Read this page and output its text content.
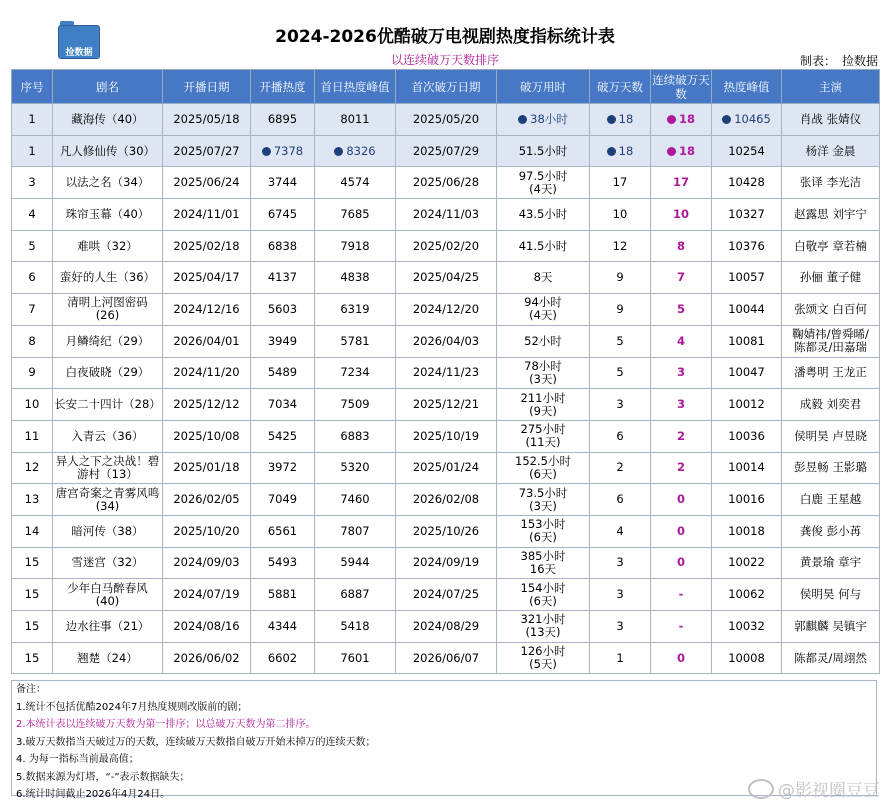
捡数据
2024-2026优酷破万电视剧热度指标统计表
以连续破万天数排序	制表： 捡数据
序号	剧名	开播日期	开播热度	首日热度峰值	首次破万日期	破万用时	破万天数	连续破万天数	热度峰值	主演
1	藏海传（40）	2025/05/18	6895	8011	2025/05/20	38小时	18	18	10465	肖战 张婧仪
1	凡人修仙传（30）	2025/07/27	7378	8326	2025/07/29	51.5小时	18	18	10254	杨洋 金晨
3	以法之名（34）	2025/06/24	3744	4574	2025/06/28	97.5小时
(4天)	17	17	10428	张译 李光洁
4	珠帘玉幕（40）	2024/11/01	6745	7685	2024/11/03	43.5小时	10	10	10327	赵露思 刘宇宁
5	难哄（32）	2025/02/18	6838	7918	2025/02/20	41.5小时	12	8	10376	白敬亭 章若楠
6	蛮好的人生（36）	2025/04/17	4137	4838	2025/04/25	8天	9	7	10057	孙俪 董子健
7	清明上河图密码
(26)	2024/12/16	5603	6319	2024/12/20	94小时
(4天)	9	5	10044	张颂文 白百何
8	月鳞绮纪（29）	2026/04/01	3949	5781	2026/04/03	52小时	5	4	10081	鞠婧祎/曾舜晞/
陈都灵/田嘉瑞
9	白夜破晓（29）	2024/11/20	5489	7234	2024/11/23	78小时
(3天)	5	3	10047	潘粤明 王龙正
10	长安二十四计（28）	2025/12/12	7034	7509	2025/12/21	211小时
(9天)	3	3	10012	成毅 刘奕君
11	入青云（36）	2025/10/08	5425	6883	2025/10/19	275小时
(11天)	6	2	10036	侯明昊 卢昱晓
12	异人之下之决战！碧
游村（13）	2025/01/18	3972	5320	2025/01/24	152.5小时
(6天)	2	2	10014	彭昱畅 王影璐
13	唐宫奇案之青雾风鸣
(34)	2026/02/05	7049	7460	2026/02/08	73.5小时
(3天)	6	0	10016	白鹿 王星越
14	暗河传（38）	2025/10/20	6561	7807	2025/10/26	153小时
(6天)	4	0	10018	龚俊 彭小苒
15	雪迷宫（32）	2024/09/03	5493	5944	2024/09/19	385小时
16天	3	0	10022	黄景瑜 章宇
15	少年白马醉春风
(40)	2024/07/19	5881	6887	2024/07/25	154小时
(6天)	3	-	10062	侯明昊 何与
15	边水往事（21）	2024/08/16	4344	5418	2024/08/29	321小时
(13天)	3	-	10032	郭麒麟 吴镇宇
15	翘楚（24）	2026/06/02	6602	7601	2026/06/07	126小时
(5天)	1	0	10008	陈都灵/周翊然
备注：
1.统计不包括优酷2024年7月热度规则改版前的剧；
2.本统计表以连续破万天数为第一排序；以总破万天数为第二排序。
3.破万天数指当天破过万的天数，连续破万天数指自破万开始未掉万的连续天数；
4. 为每一指标当前最高值；
5.数据来源为灯塔，“-”表示数据缺失；
6.统计时间截止2026年4月24日。	@影视圈豆豆
